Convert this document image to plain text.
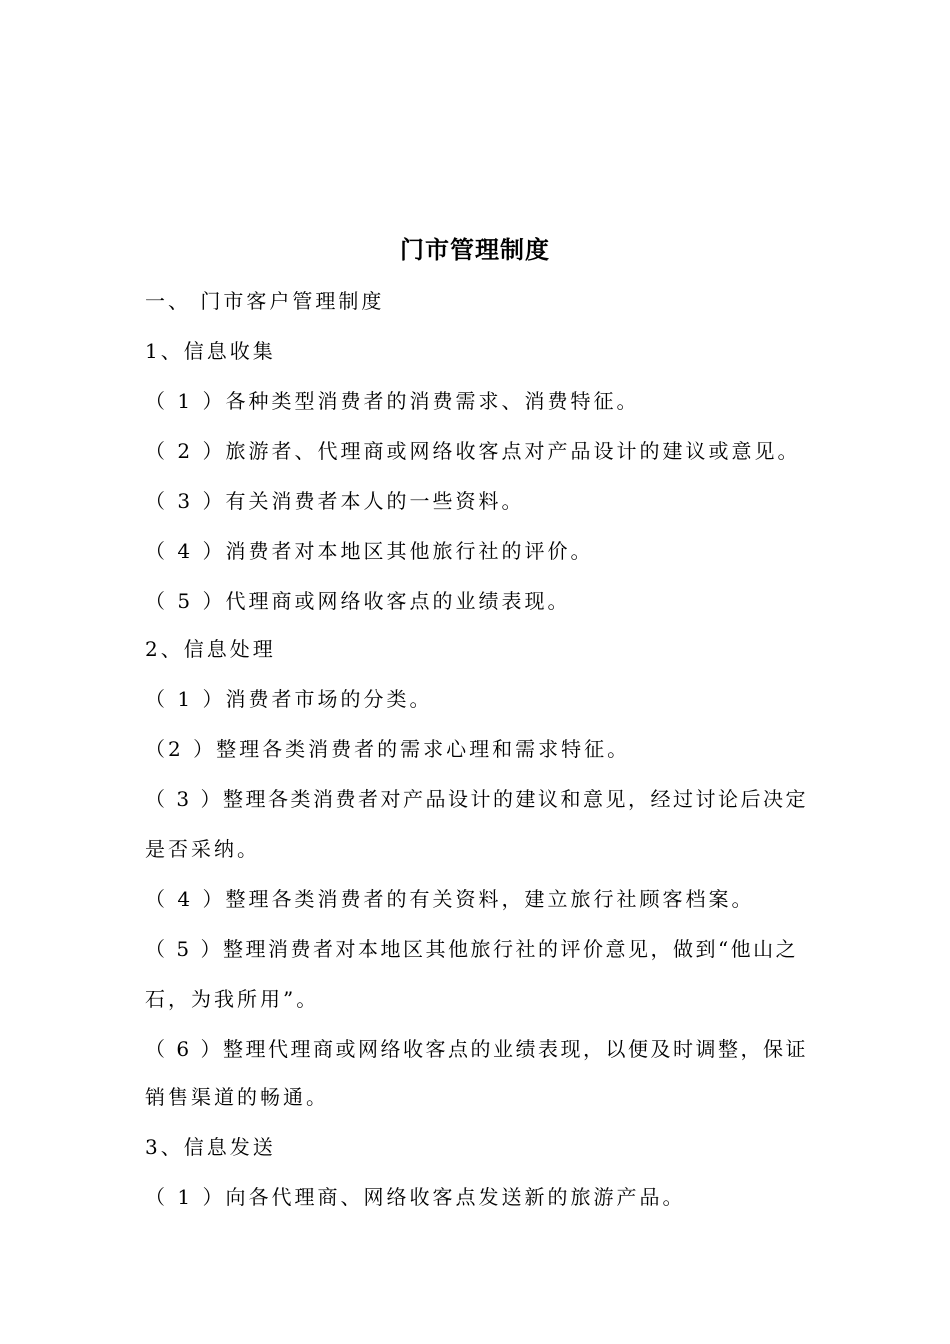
门市管理制度
一、 门市客户管理制度
1、信息收集
（ 1 ）各种类型消费者的消费需求、消费特征。
（ 2 ）旅游者、代理商或网络收客点对产品设计的建议或意见。
（ 3 ）有关消费者本人的一些资料。
（ 4 ）消费者对本地区其他旅行社的评价。
（ 5 ）代理商或网络收客点的业绩表现。
2、信息处理
（ 1 ）消费者市场的分类。
（2 ）整理各类消费者的需求心理和需求特征。
（ 3 ）整理各类消费者对产品设计的建议和意见，经过讨论后决定
是否采纳。
（ 4 ）整理各类消费者的有关资料，建立旅行社顾客档案。
（ 5 ）整理消费者对本地区其他旅行社的评价意见，做到“他山之
石，为我所用”。
（ 6 ）整理代理商或网络收客点的业绩表现，以便及时调整，保证
销售渠道的畅通。
3、信息发送
（ 1 ）向各代理商、网络收客点发送新的旅游产品。
